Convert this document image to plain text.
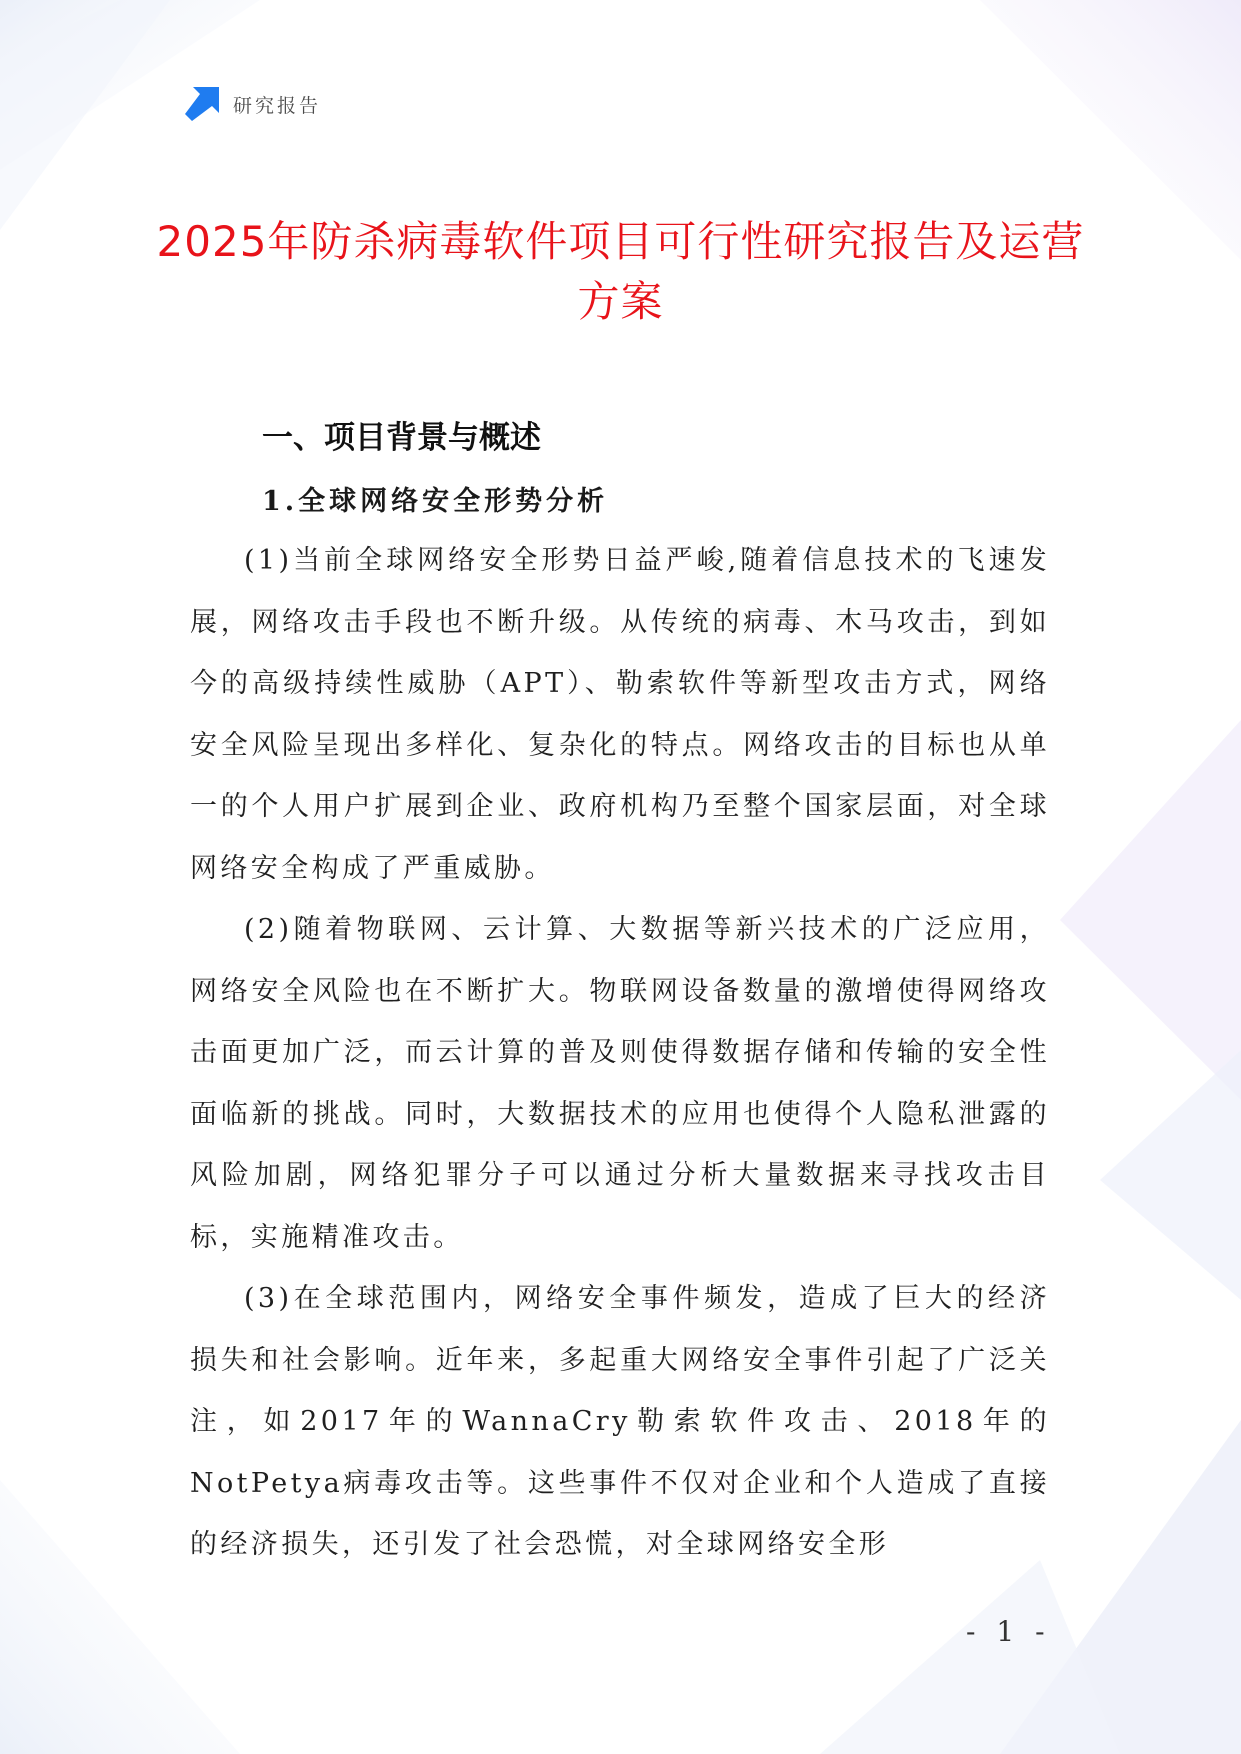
研究报告
2025年防杀病毒软件项目可行性研究报告及运营方案
一、项目背景与概述
1.全球网络安全形势分析

(1)当前全球网络安全形势日益严峻,随着信息技术的飞速发展，网络攻击手段也不断升级。从传统的病毒、木马攻击，到如今的高级持续性威胁（APT）、勒索软件等新型攻击方式，网络安全风险呈现出多样化、复杂化的特点。网络攻击的目标也从单一的个人用户扩展到企业、政府机构乃至整个国家层面，对全球网络安全构成了严重威胁。

(2)随着物联网、云计算、大数据等新兴技术的广泛应用，网络安全风险也在不断扩大。物联网设备数量的激增使得网络攻击面更加广泛，而云计算的普及则使得数据存储和传输的安全性面临新的挑战。同时，大数据技术的应用也使得个人隐私泄露的风险加剧，网络犯罪分子可以通过分析大量数据来寻找攻击目标，实施精准攻击。

(3)在全球范围内，网络安全事件频发，造成了巨大的经济损失和社会影响。近年来，多起重大网络安全事件引起了广泛关注，如2017年的WannaCry勒索软件攻击、2018年的NotPetya病毒攻击等。这些事件不仅对企业和个人造成了直接的经济损失，还引发了社会恐慌，对全球网络安全形

- 1 -
